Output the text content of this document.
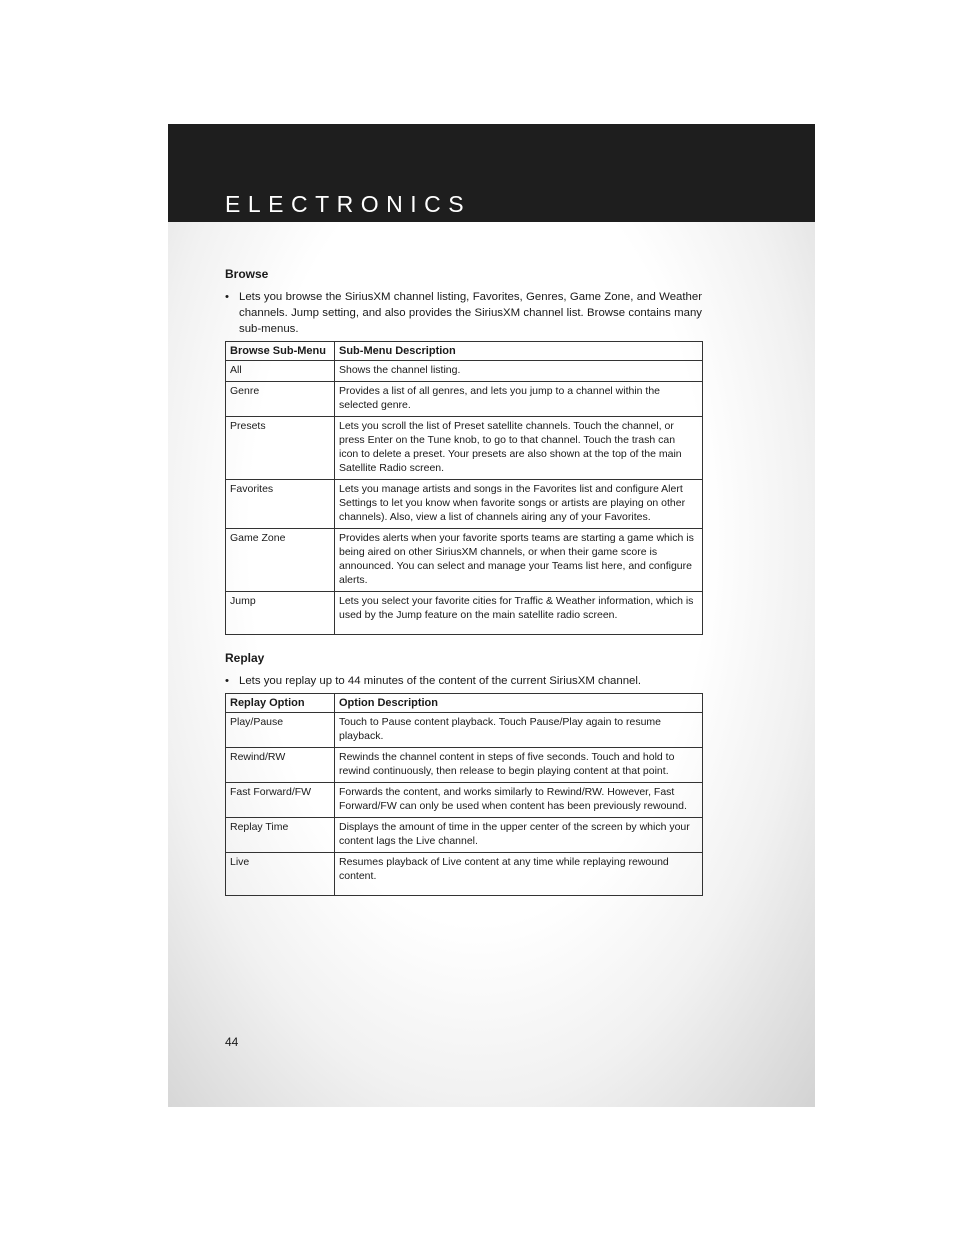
ELECTRONICS
Browse

• Lets you browse the SiriusXM channel listing, Favorites, Genres, Game Zone, and Weather channels. Jump setting, and also provides the SiriusXM channel list. Browse contains many sub-menus.

Browse Sub-Menu	Sub-Menu Description
All	Shows the channel listing.
Genre	Provides a list of all genres, and lets you jump to a channel within the selected genre.
Presets	Lets you scroll the list of Preset satellite channels. Touch the channel, or press Enter on the Tune knob, to go to that channel. Touch the trash can icon to delete a preset. Your presets are also shown at the top of the main Satellite Radio screen.
Favorites	Lets you manage artists and songs in the Favorites list and configure Alert Settings to let you know when favorite songs or artists are playing on other channels). Also, view a list of channels airing any of your Favorites.
Game Zone	Provides alerts when your favorite sports teams are starting a game which is being aired on other SiriusXM channels, or when their game score is announced. You can select and manage your Teams list here, and configure alerts.
Jump	Lets you select your favorite cities for Traffic & Weather information, which is used by the Jump feature on the main satellite radio screen.
Replay

• Lets you replay up to 44 minutes of the content of the current SiriusXM channel.

Replay Option	Option Description
Play/Pause	Touch to Pause content playback. Touch Pause/Play again to resume playback.
Rewind/RW	Rewinds the channel content in steps of five seconds. Touch and hold to rewind continuously, then release to begin playing content at that point.
Fast Forward/FW	Forwards the content, and works similarly to Rewind/RW. However, Fast Forward/FW can only be used when content has been previously rewound.
Replay Time	Displays the amount of time in the upper center of the screen by which your content lags the Live channel.
Live	Resumes playback of Live content at any time while replaying rewound content.
44
